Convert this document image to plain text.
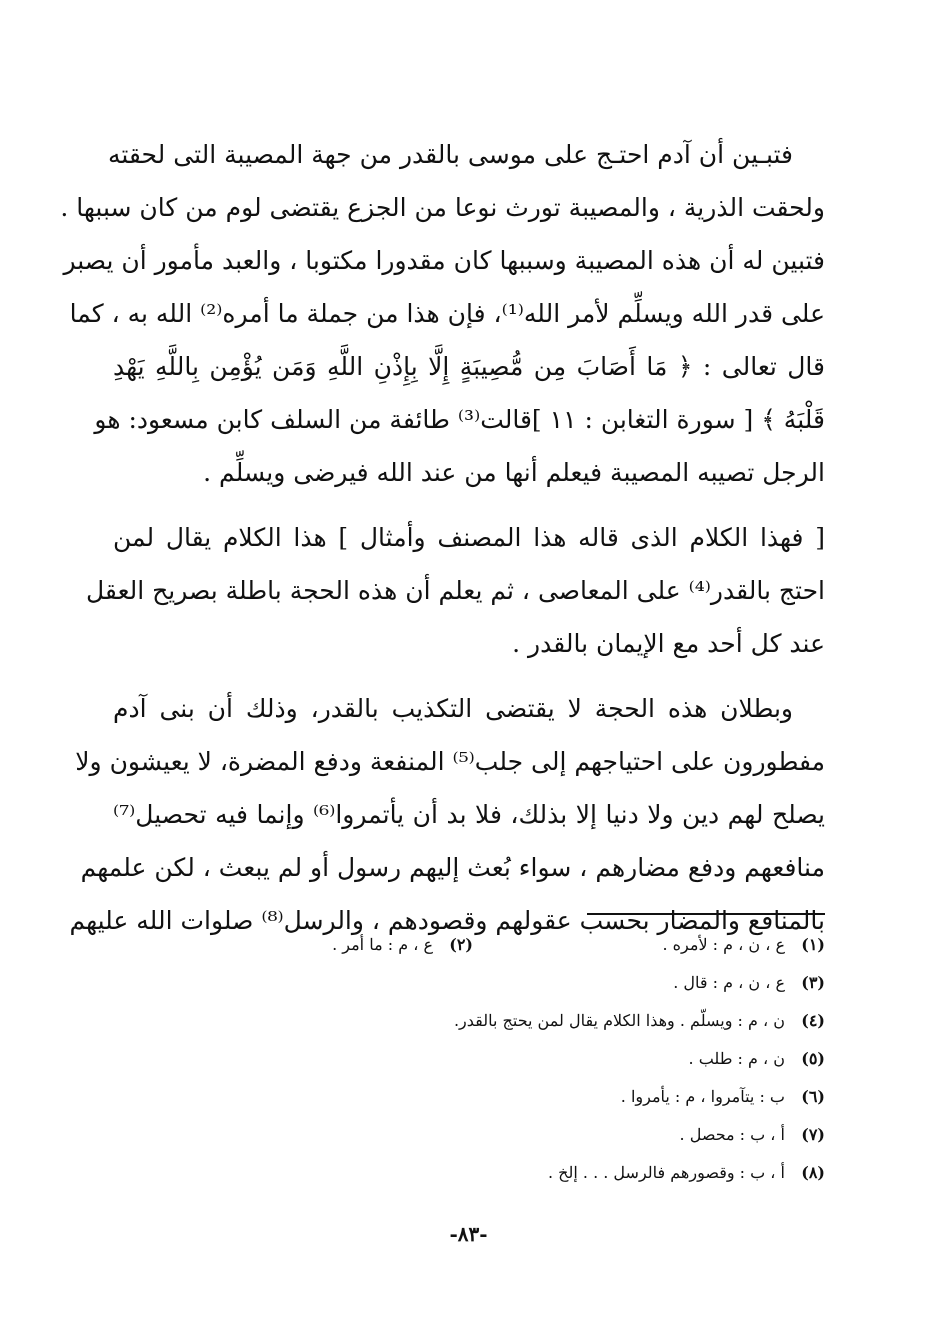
فتبـين أن آدم احتـج على موسى بالقدر من جهة المصيبة التى لحقته
ولحقت الذرية ، والمصيبة تورث نوعا من الجزع يقتضى لوم من كان سببها .
فتبين له أن هذه المصيبة وسببها كان مقدورا مكتوبا ، والعبد مأمور أن يصبر
على قدر الله ويسلِّم لأمر الله⁽¹⁾، فإن هذا من جملة ما أمره⁽²⁾ الله به ، كما
قال تعالى : ﴿ مَا أَصَابَ مِن مُّصِيبَةٍ إِلَّا بِإِذْنِ اللَّهِ وَمَن يُؤْمِن بِاللَّهِ يَهْدِ
قَلْبَهُ ﴾ [ سورة التغابن : ١١ ]قالت⁽³⁾ طائفة من السلف كابن مسعود: هو
الرجل تصيبه المصيبة فيعلم أنها من عند الله فيرضى ويسلِّم .
[ فهذا الكلام الذى قاله هذا المصنف وأمثال ] هذا الكلام يقال لمن
احتج بالقدر⁽⁴⁾ على المعاصى ، ثم يعلم أن هذه الحجة باطلة بصريح العقل
عند كل أحد مع الإيمان بالقدر .
وبطلان هذه الحجة لا يقتضى التكذيب بالقدر، وذلك أن بنى آدم
مفطورون على احتياجهم إلى جلب⁽⁵⁾ المنفعة ودفع المضرة، لا يعيشون ولا
يصلح لهم دين ولا دنيا إلا بذلك، فلا بد أن يأتمروا⁽⁶⁾ وإنما فيه تحصيل⁽⁷⁾
منافعهم ودفع مضارهم ، سواء بُعث إليهم رسول أو لم يبعث ، لكن علمهم
بالمنافع والمضار بحسب عقولهم وقصودهم ، والرسل⁽⁸⁾ صلوات الله عليهم
(١)ع ، ن ، م : لأمره .
(٢)ع ، م : ما أمر .
(٣)ع ، ن ، م : قال .
(٤)ن ، م : ويسلّم . وهذا الكلام يقال لمن يحتج بالقدر.
(٥)ن ، م : طلب .
(٦)ب : يتآمروا ، م : يأمروا .
(٧)أ ، ب : محصل .
(٨)أ ، ب : وقصورهم فالرسل . . . إلخ .
-٨٣-
